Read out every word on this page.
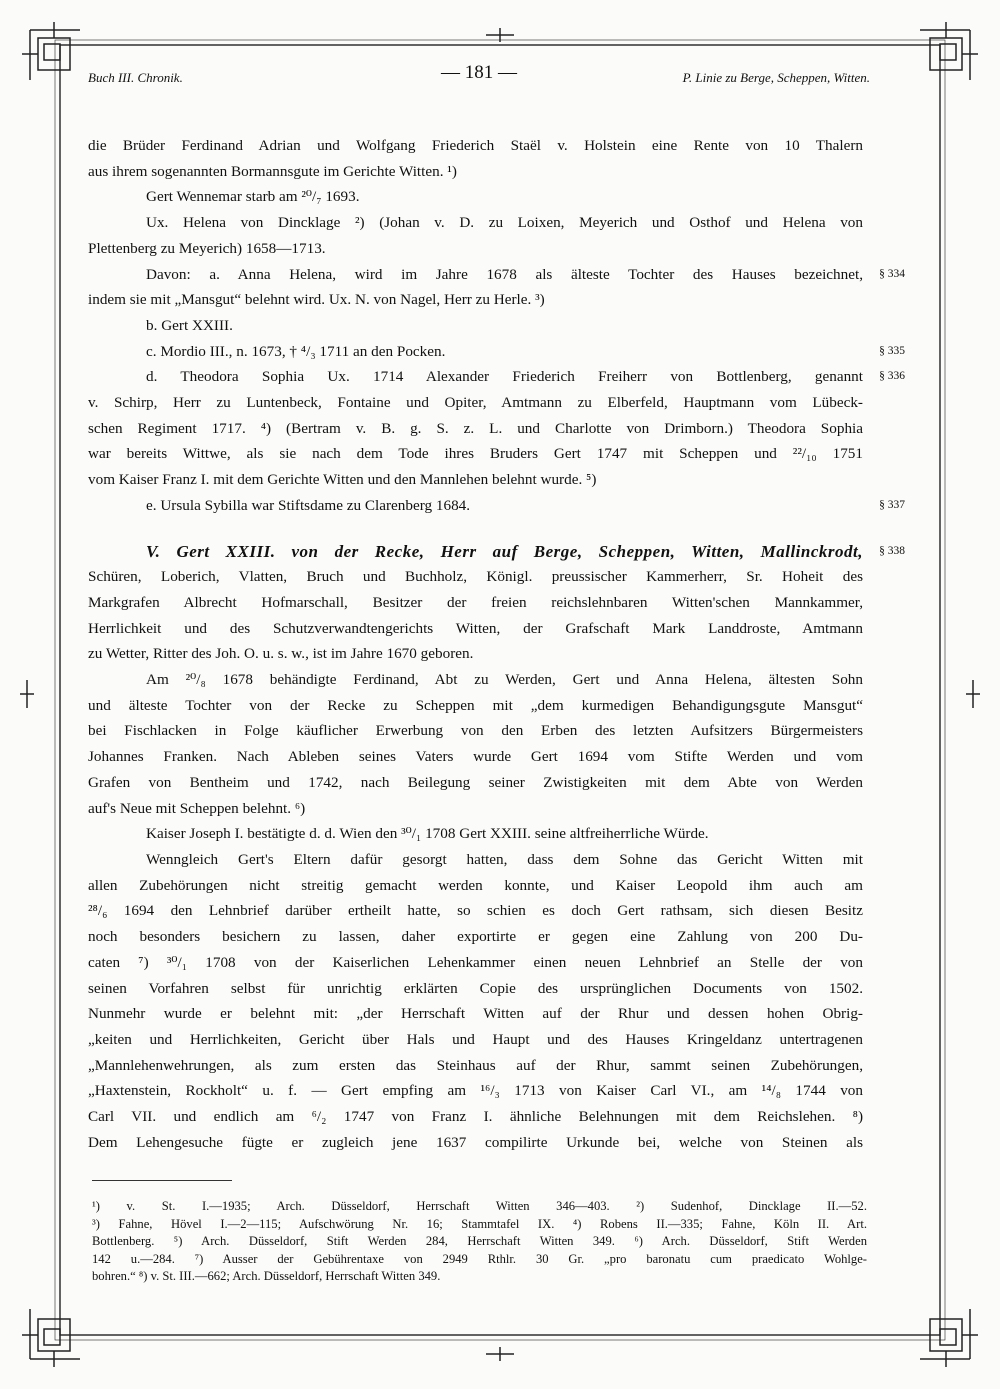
Buch III. Chronik.	— 181 —	P. Linie zu Berge, Scheppen, Witten.
die Brüder Ferdinand Adrian und Wolfgang Friederich Staël v. Holstein eine Rente von 10 Thalern
aus ihrem sogenannten Bormannsgute im Gerichte Witten. ¹)
Gert Wennemar starb am ²⁰/₇ 1693.
Ux. Helena von Dincklage ²) (Johan v. D. zu Loixen, Meyerich und Osthof und Helena von
Plettenberg zu Meyerich) 1658—1713.
Davon: a. Anna Helena, wird im Jahre 1678 als älteste Tochter des Hauses bezeichnet, § 334
indem sie mit „Mansgut“ belehnt wird. Ux. N. von Nagel, Herr zu Herle. ³)
b. Gert XXIII.
c. Mordio III., n. 1673, † ⁴/₃ 1711 an den Pocken.	§ 335
d. Theodora Sophia Ux. 1714 Alexander Friederich Freiherr von Bottlenberg, genannt § 336
v. Schirp, Herr zu Luntenbeck, Fontaine und Opiter, Amtmann zu Elberfeld, Hauptmann vom Lübeck-
schen Regiment 1717. ⁴) (Bertram v. B. g. S. z. L. und Charlotte von Drimborn.) Theodora Sophia
war bereits Wittwe, als sie nach dem Tode ihres Bruders Gert 1747 mit Scheppen und ²²/₁₀ 1751
vom Kaiser Franz I. mit dem Gerichte Witten und den Mannlehen belehnt wurde. ⁵)
e. Ursula Sybilla war Stiftsdame zu Clarenberg 1684.	§ 337
V. Gert XXIII. von der Recke, Herr auf Berge, Scheppen, Witten, Mallinckrodt, § 338
Schüren, Loberich, Vlatten, Bruch und Buchholz, Königl. preussischer Kammerherr, Sr. Hoheit des
Markgrafen Albrecht Hofmarschall, Besitzer der freien reichslehnbaren Witten'schen Mannkammer,
Herrlichkeit und des Schutzverwandtengerichts Witten, der Grafschaft Mark Landdroste, Amtmann
zu Wetter, Ritter des Joh. O. u. s. w., ist im Jahre 1670 geboren.
Am ²⁰/₈ 1678 behändigte Ferdinand, Abt zu Werden, Gert und Anna Helena, ältesten Sohn
und älteste Tochter von der Recke zu Scheppen mit „dem kurmedigen Behandigungsgute Mansgut“
bei Fischlacken in Folge käuflicher Erwerbung von den Erben des letzten Aufsitzers Bürgermeisters
Johannes Franken. Nach Ableben seines Vaters wurde Gert 1694 vom Stifte Werden und vom
Grafen von Bentheim und 1742, nach Beilegung seiner Zwistigkeiten mit dem Abte von Werden
auf's Neue mit Scheppen belehnt. ⁶)
Kaiser Joseph I. bestätigte d. d. Wien den ³⁰/₁ 1708 Gert XXIII. seine altfreiherrliche Würde.
Wenngleich Gert's Eltern dafür gesorgt hatten, dass dem Sohne das Gericht Witten mit
allen Zubehörungen nicht streitig gemacht werden konnte, und Kaiser Leopold ihm auch am
²⁸/₆ 1694 den Lehnbrief darüber ertheilt hatte, so schien es doch Gert rathsam, sich diesen Besitz
noch besonders besichern zu lassen, daher exportirte er gegen eine Zahlung von 200 Du-
caten ⁷) ³⁰/₁ 1708 von der Kaiserlichen Lehenkammer einen neuen Lehnbrief an Stelle der von
seinen Vorfahren selbst für unrichtig erklärten Copie des ursprünglichen Documents von 1502.
Nunmehr wurde er belehnt mit: „der Herrschaft Witten auf der Rhur und dessen hohen Obrig-
„keiten und Herrlichkeiten, Gericht über Hals und Haupt und des Hauses Kringeldanz untertragenen
„Mannlehenwehrungen, als zum ersten das Steinhaus auf der Rhur, sammt seinen Zubehörungen,
„Haxtenstein, Rockholt“ u. f. — Gert empfing am ¹⁶/₃ 1713 von Kaiser Carl VI., am ¹⁴/₈ 1744 von
Carl VII. und endlich am ⁶/₂ 1747 von Franz I. ähnliche Belehnungen mit dem Reichslehen. ⁸)
Dem Lehengesuche fügte er zugleich jene 1637 compilirte Urkunde bei, welche von Steinen als
¹) v. St. I.—1935; Arch. Düsseldorf, Herrschaft Witten 346—403. ²) Sudenhof, Dincklage II.—52.
³) Fahne, Hövel I.—2—115; Aufschwörung Nr. 16; Stammtafel IX. ⁴) Robens II.—335; Fahne, Köln II. Art.
Bottlenberg. ⁵) Arch. Düsseldorf, Stift Werden 284, Herrschaft Witten 349. ⁶) Arch. Düsseldorf, Stift Werden
142 u.—284. ⁷) Ausser der Gebührentaxe von 2949 Rthlr. 30 Gr. „pro baronatu cum praedicato Wohlge-
bohren.“ ⁸) v. St. III.—662; Arch. Düsseldorf, Herrschaft Witten 349.
